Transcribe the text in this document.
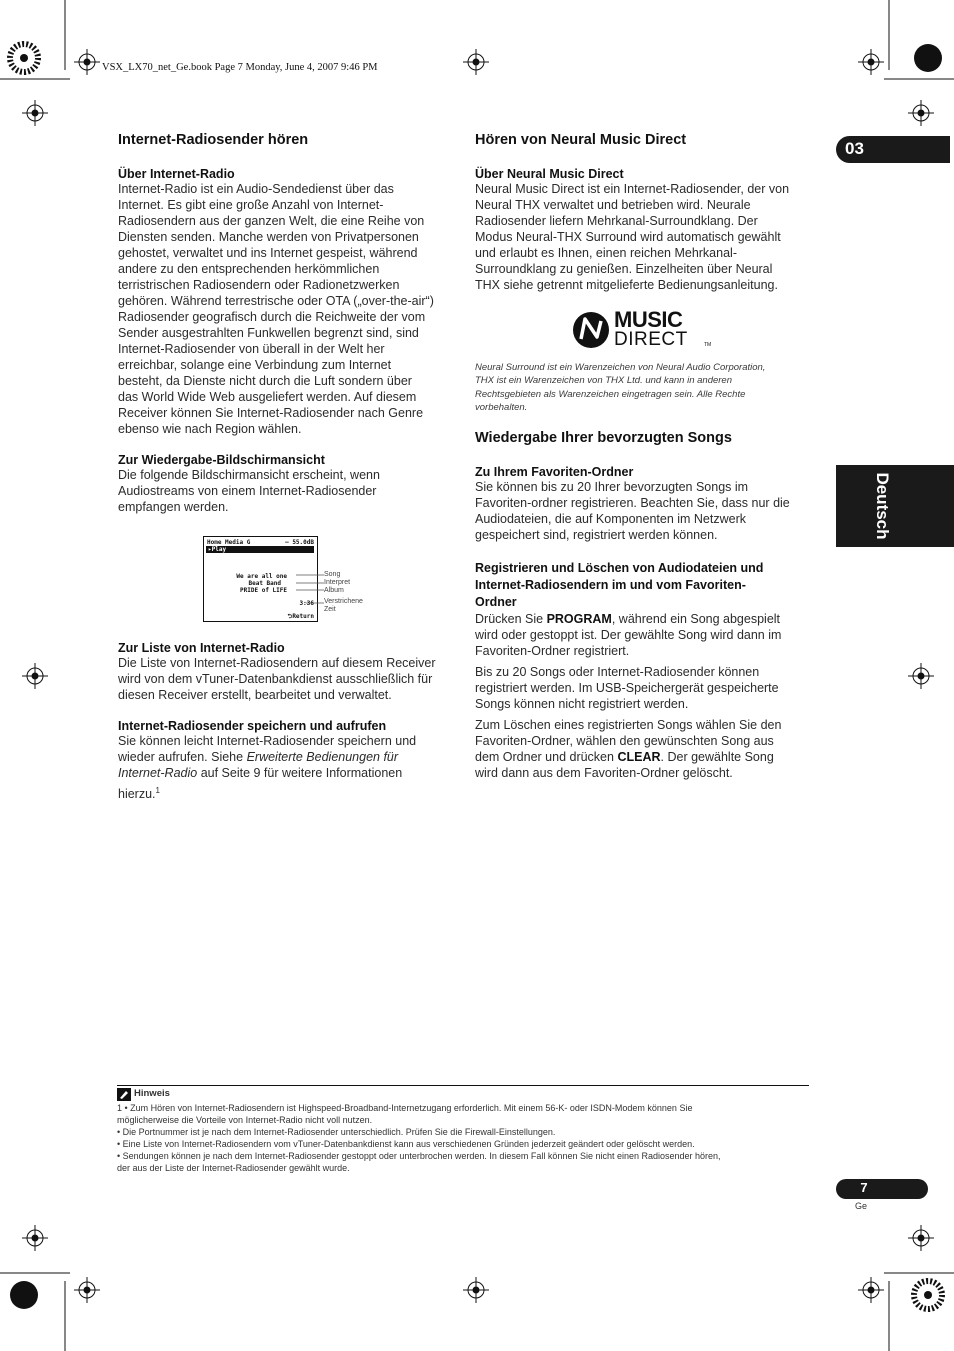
VSX_LX70_net_Ge.book Page 7 Monday, June 4, 2007 9:46 PM
03
Deutsch
Internet-Radiosender hören
Über Internet-Radio
Internet-Radio ist ein Audio-Sendedienst über das
Internet. Es gibt eine große Anzahl von Internet-
Radiosendern aus der ganzen Welt, die eine Reihe von
Diensten senden. Manche werden von Privatpersonen
gehostet, verwaltet und ins Internet gespeist, während
andere zu den entsprechenden herkömmlichen
terristrischen Radiosendern oder Radionetzwerken
gehören. Während terrestrische oder OTA („over-the-air“)
Radiosender geografisch durch die Reichweite der vom
Sender ausgestrahlten Funkwellen begrenzt sind, sind
Internet-Radiosender von überall in der Welt her
erreichbar, solange eine Verbindung zum Internet
besteht, da Dienste nicht durch die Luft sondern über
das World Wide Web ausgeliefert werden. Auf diesem
Receiver können Sie Internet-Radiosender nach Genre
ebenso wie nach Region wählen.
Zur Wiedergabe-Bildschirmansicht
Die folgende Bildschirmansicht erscheint, wenn
Audiostreams von einem Internet-Radiosender
empfangen werden.
Home Media G	– 55.0dB
▸Play
We are all one
Beat Band
PRIDE of LIFE
3:36
⮌Return
Song
Interpret
Album
Verstrichene
Zeit
Zur Liste von Internet-Radio
Die Liste von Internet-Radiosendern auf diesem Receiver
wird von dem vTuner-Datenbankdienst ausschließlich für
diesen Receiver erstellt, bearbeitet und verwaltet.
Internet-Radiosender speichern und aufrufen
Sie können leicht Internet-Radiosender speichern und
wieder aufrufen. Siehe Erweiterte Bedienungen für
Internet-Radio auf Seite 9 für weitere Informationen
hierzu.$^1$
Hören von Neural Music Direct
Über Neural Music Direct
Neural Music Direct ist ein Internet-Radiosender, der von
Neural THX verwaltet und betrieben wird. Neurale
Radiosender liefern Mehrkanal-Surroundklang. Der
Modus Neural-THX Surround wird automatisch gewählt
und erlaubt es Ihnen, einen reichen Mehrkanal-
Surroundklang zu genießen. Einzelheiten über Neural
THX siehe getrennt mitgelieferte Bedienungsanleitung.
MUSIC
DIRECT	TM
Neural Surround ist ein Warenzeichen von Neural Audio Corporation,
THX ist ein Warenzeichen von THX Ltd. und kann in anderen
Rechtsgebieten als Warenzeichen eingetragen sein. Alle Rechte
vorbehalten.
Wiedergabe Ihrer bevorzugten Songs
Zu Ihrem Favoriten-Ordner
Sie können bis zu 20 Ihrer bevorzugten Songs im
Favoriten-ordner registrieren. Beachten Sie, dass nur die
Audiodateien, die auf Komponenten im Netzwerk
gespeichert sind, registriert werden können.
Registrieren und Löschen von Audiodateien und
Internet-Radiosendern im und vom Favoriten-
Ordner
Drücken Sie PROGRAM, während ein Song abgespielt
wird oder gestoppt ist. Der gewählte Song wird dann im
Favoriten-Ordner registriert.
Bis zu 20 Songs oder Internet-Radiosender können
registriert werden. Im USB-Speichergerät gespeicherte
Songs können nicht registriert werden.
Zum Löschen eines registrierten Songs wählen Sie den
Favoriten-Ordner, wählen den gewünschten Song aus
dem Ordner und drücken CLEAR. Der gewählte Song
wird dann aus dem Favoriten-Ordner gelöscht.
Hinweis
1 • Zum Hören von Internet-Radiosendern ist Highspeed-Broadband-Internetzugang erforderlich. Mit einem 56-K- oder ISDN-Modem können Sie
möglicherweise die Vorteile von Internet-Radio nicht voll nutzen.
• Die Portnummer ist je nach dem Internet-Radiosender unterschiedlich. Prüfen Sie die Firewall-Einstellungen.
• Eine Liste von Internet-Radiosendern vom vTuner-Datenbankdienst kann aus verschiedenen Gründen jederzeit geändert oder gelöscht werden.
• Sendungen können je nach dem Internet-Radiosender gestoppt oder unterbrochen werden. In diesem Fall können Sie nicht einen Radiosender hören,
der aus der Liste der Internet-Radiosender gewählt wurde.
7
Ge
